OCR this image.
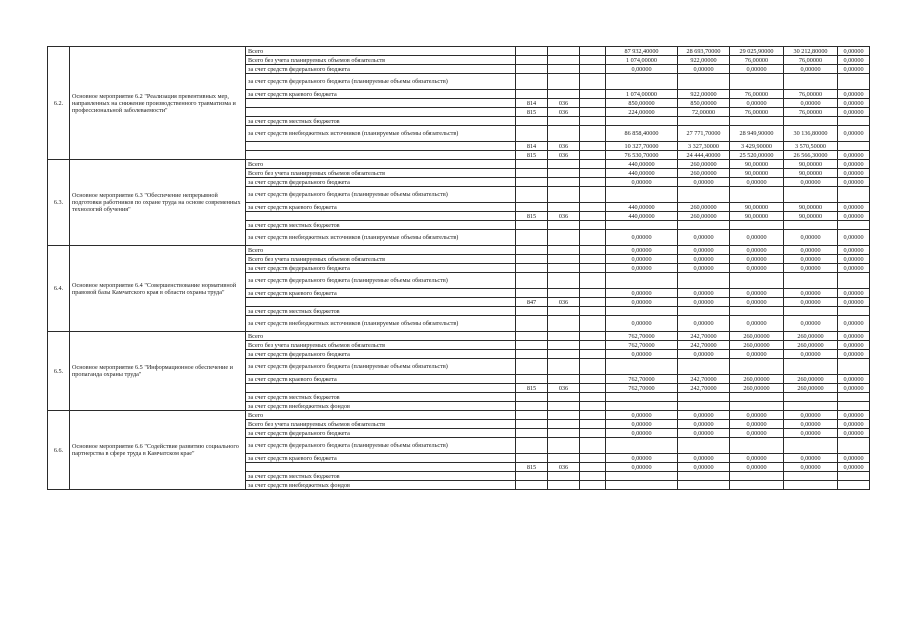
6.2.	Основное мероприятие 6.2 "Реализация превентивных мер, направленных на снижение производственного травматизма и профессиональной заболеваемости"	Всего				87 932,40000	28 693,70000	29 025,90000	30 212,80000	0,00000
		Всего без учета планируемых объемов обязательств				1 074,00000	922,00000	76,00000	76,00000	0,00000
		за счет средств федерального бюджета				0,00000	0,00000	0,00000	0,00000	0,00000
		за счет средств федерального бюджета (планируемые объемы обязательств)								
		за счет средств краевого бюджета				1 074,00000	922,00000	76,00000	76,00000	0,00000
			814	036		850,00000	850,00000	0,00000	0,00000	0,00000
			815	036		224,00000	72,00000	76,00000	76,00000	0,00000
		за счет средств местных бюджетов								
		за счет средств внебюджетных источников (планируемые объемы обязательств)				86 858,40000	27 771,70000	28 949,90000	30 136,80000	0,00000
			814	036		10 327,70000	3 327,30000	3 429,90000	3 570,50000	
			815	036		76 530,70000	24 444,40000	25 520,00000	26 566,30000	0,00000
6.3.	Основное мероприятие 6.3 "Обеспечение непрерывной подготовки работников по охране труда на основе современных технологий обучения"	Всего				440,00000	260,00000	90,00000	90,00000	0,00000
		Всего без учета планируемых объемов обязательств				440,00000	260,00000	90,00000	90,00000	0,00000
		за счет средств федерального бюджета				0,00000	0,00000	0,00000	0,00000	0,00000
		за счет средств федерального бюджета (планируемые объемы обязательств)								
		за счет средств краевого бюджета				440,00000	260,00000	90,00000	90,00000	0,00000
			815	036		440,00000	260,00000	90,00000	90,00000	0,00000
		за счет средств местных бюджетов								
		за счет средств внебюджетных источников (планируемые объемы обязательств)				0,00000	0,00000	0,00000	0,00000	0,00000
6.4.	Основное мероприятие 6.4 "Совершенствование нормативной правовой базы Камчатского края в области охраны труда"	Всего				0,00000	0,00000	0,00000	0,00000	0,00000
		Всего без учета планируемых объемов обязательств				0,00000	0,00000	0,00000	0,00000	0,00000
		за счет средств федерального бюджета				0,00000	0,00000	0,00000	0,00000	0,00000
		за счет средств федерального бюджета (планируемые объемы обязательств)								
		за счет средств краевого бюджета				0,00000	0,00000	0,00000	0,00000	0,00000
			847	036		0,00000	0,00000	0,00000	0,00000	0,00000
		за счет средств местных бюджетов								
		за счет средств внебюджетных источников (планируемые объемы обязательств)				0,00000	0,00000	0,00000	0,00000	0,00000
6.5.	Основное мероприятие 6.5 "Информационное обеспечение и пропаганда охраны труда"	Всего				762,70000	242,70000	260,00000	260,00000	0,00000
		Всего без учета планируемых объемов обязательств				762,70000	242,70000	260,00000	260,00000	0,00000
		за счет средств федерального бюджета				0,00000	0,00000	0,00000	0,00000	0,00000
		за счет средств федерального бюджета (планируемые объемы обязательств)								
		за счет средств краевого бюджета				762,70000	242,70000	260,00000	260,00000	0,00000
			815	036		762,70000	242,70000	260,00000	260,00000	0,00000
		за счет средств местных бюджетов								
		за счет средств внебюджетных фондов								
6.6.	Основное мероприятие 6.6 "Содействие развитию социального партнерства в сфере труда в Камчатском крае"	Всего				0,00000	0,00000	0,00000	0,00000	0,00000
		Всего без учета планируемых объемов обязательств				0,00000	0,00000	0,00000	0,00000	0,00000
		за счет средств федерального бюджета				0,00000	0,00000	0,00000	0,00000	0,00000
		за счет средств федерального бюджета (планируемые объемы обязательств)								
		за счет средств краевого бюджета				0,00000	0,00000	0,00000	0,00000	0,00000
			815	036		0,00000	0,00000	0,00000	0,00000	0,00000
		за счет средств местных бюджетов								
		за счет средств внебюджетных фондов								
